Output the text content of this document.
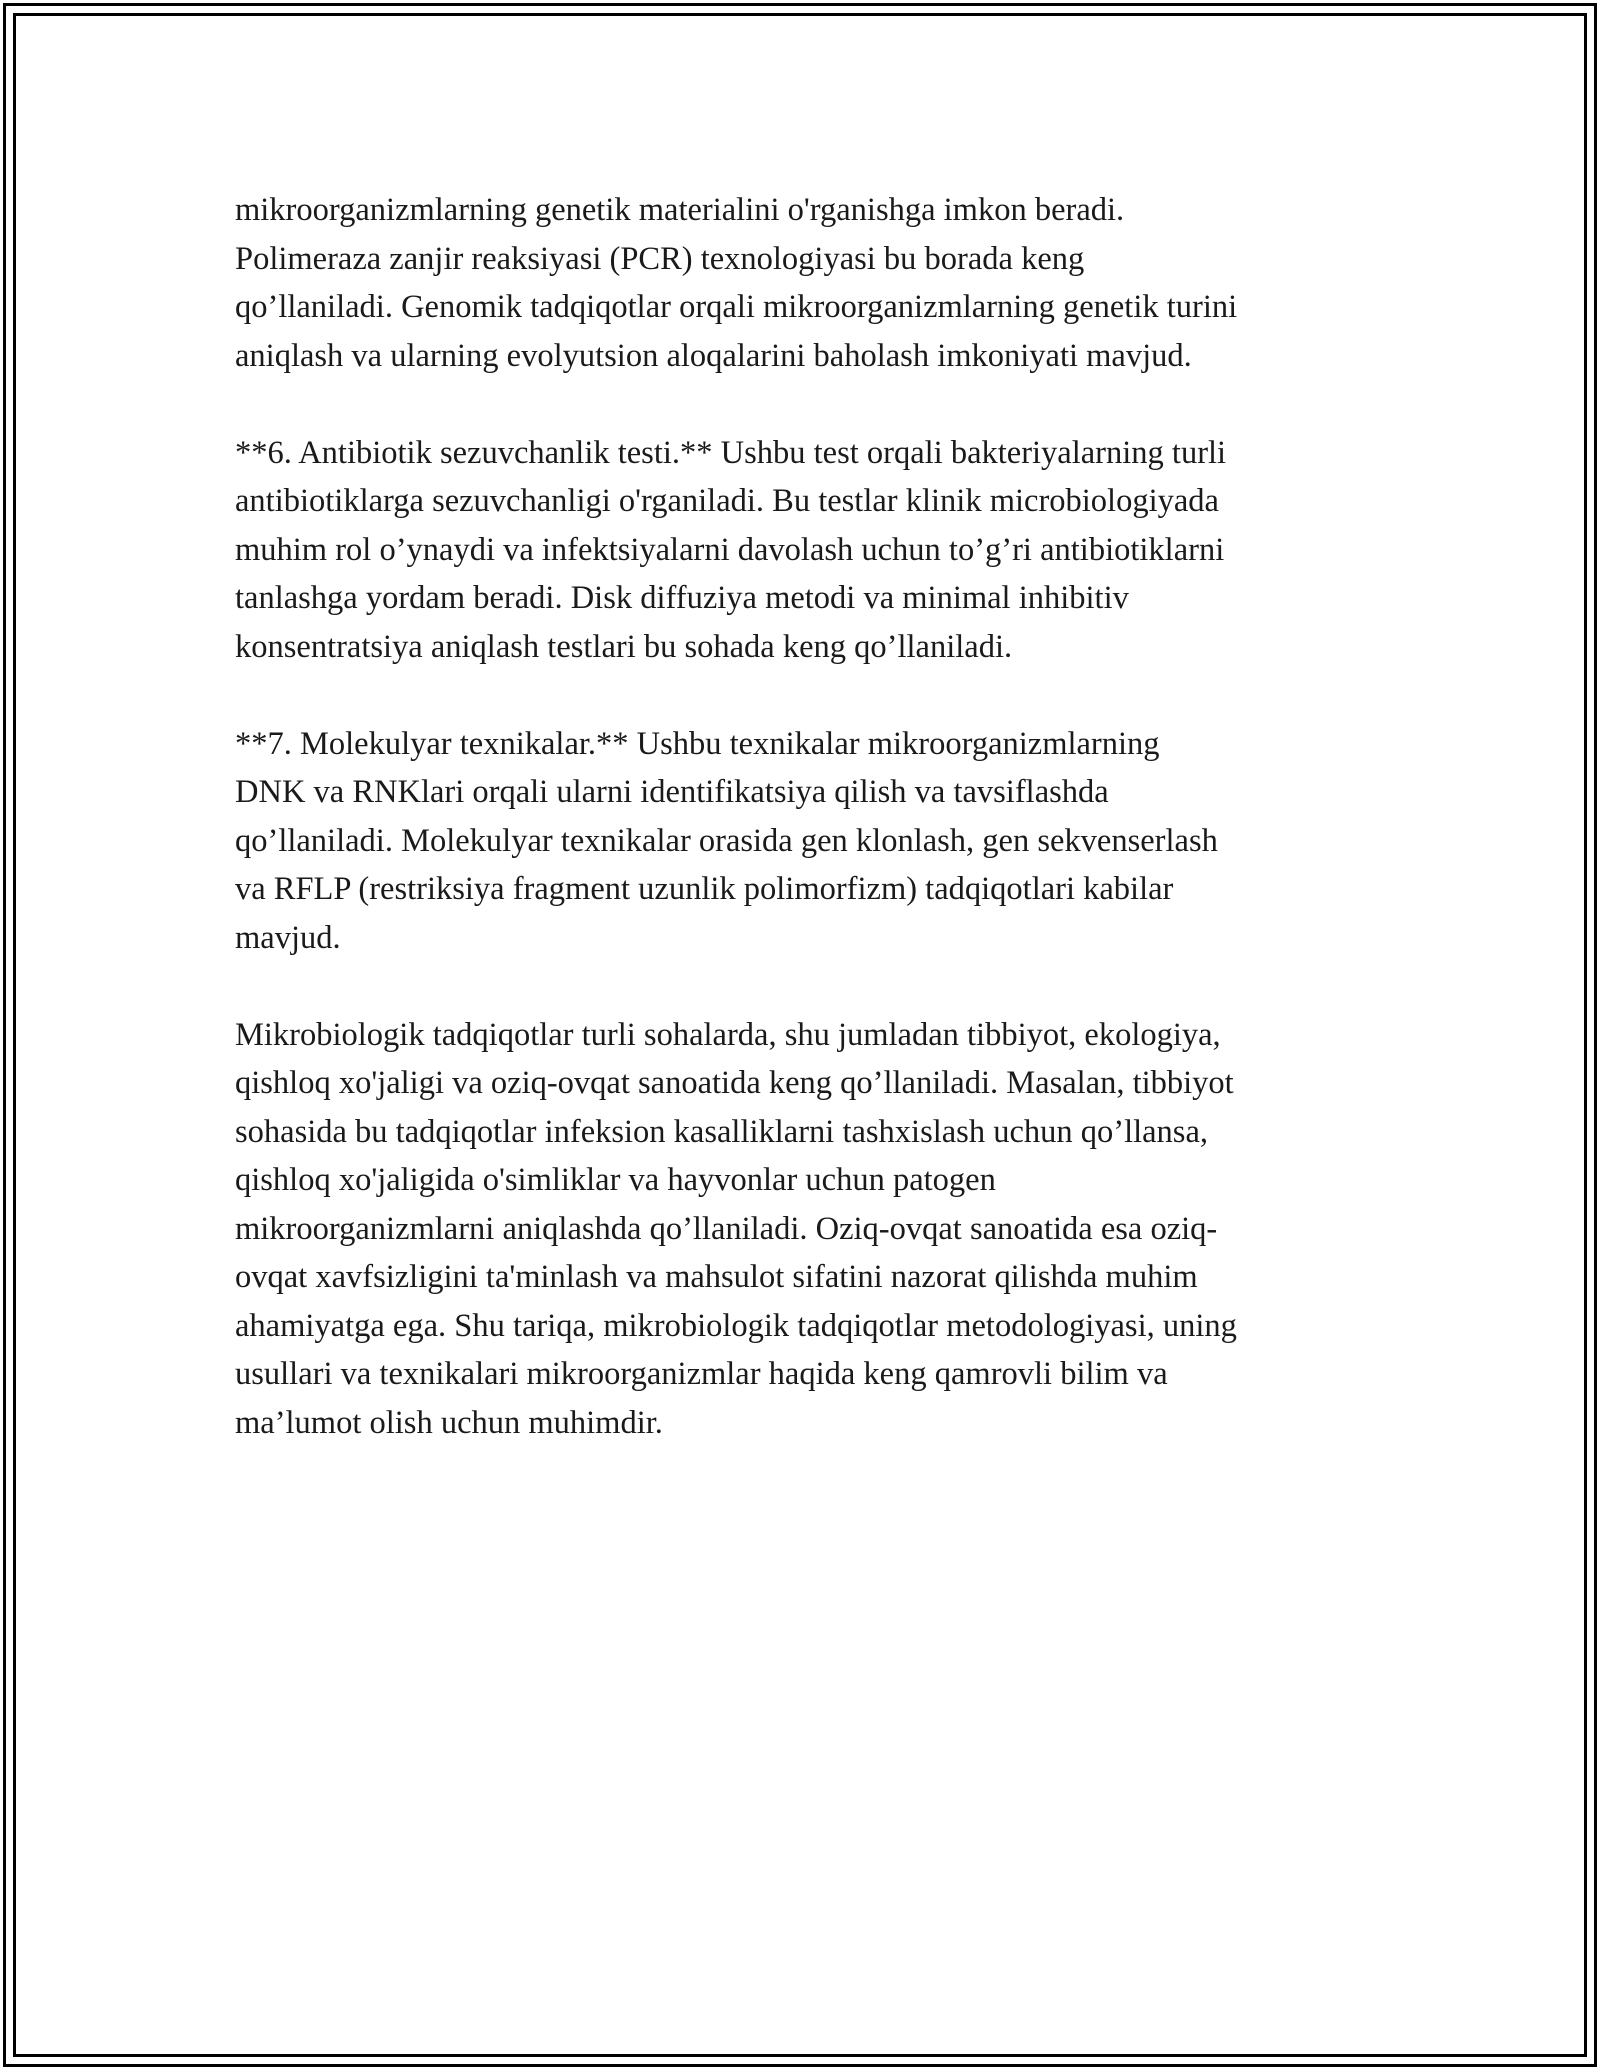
mikroorganizmlarning genetik materialini o'rganishga imkon beradi.
Polimeraza zanjir reaksiyasi (PCR) texnologiyasi bu borada keng
qo’llaniladi. Genomik tadqiqotlar orqali mikroorganizmlarning genetik turini
aniqlash va ularning evolyutsion aloqalarini baholash imkoniyati mavjud.

**6. Antibiotik sezuvchanlik testi.** Ushbu test orqali bakteriyalarning turli
antibiotiklarga sezuvchanligi o'rganiladi. Bu testlar klinik microbiologiyada
muhim rol o’ynaydi va infektsiyalarni davolash uchun to’g’ri antibiotiklarni
tanlashga yordam beradi. Disk diffuziya metodi va minimal inhibitiv
konsentratsiya aniqlash testlari bu sohada keng qo’llaniladi.

**7. Molekulyar texnikalar.** Ushbu texnikalar mikroorganizmlarning
DNK va RNKlari orqali ularni identifikatsiya qilish va tavsiflashda
qo’llaniladi. Molekulyar texnikalar orasida gen klonlash, gen sekvenserlash
va RFLP (restriksiya fragment uzunlik polimorfizm) tadqiqotlari kabilar
mavjud.

Mikrobiologik tadqiqotlar turli sohalarda, shu jumladan tibbiyot, ekologiya,
qishloq xo'jaligi va oziq-ovqat sanoatida keng qo’llaniladi. Masalan, tibbiyot
sohasida bu tadqiqotlar infeksion kasalliklarni tashxislash uchun qo’llansa,
qishloq xo'jaligida o'simliklar va hayvonlar uchun patogen
mikroorganizmlarni aniqlashda qo’llaniladi. Oziq-ovqat sanoatida esa oziq-
ovqat xavfsizligini ta'minlash va mahsulot sifatini nazorat qilishda muhim
ahamiyatga ega. Shu tariqa, mikrobiologik tadqiqotlar metodologiyasi, uning
usullari va texnikalari mikroorganizmlar haqida keng qamrovli bilim va
ma’lumot olish uchun muhimdir.
